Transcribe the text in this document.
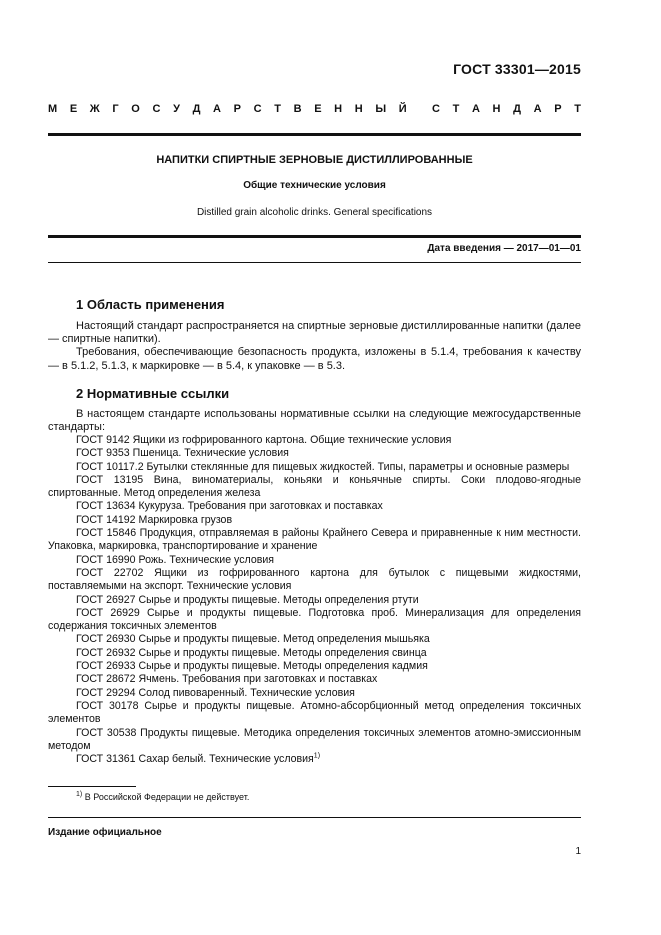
ГОСТ 33301—2015
М Е Ж Г О С У Д А Р С Т В Е Н Н Ы Й С Т А Н Д А Р Т
НАПИТКИ СПИРТНЫЕ ЗЕРНОВЫЕ ДИСТИЛЛИРОВАННЫЕ
Общие технические условия
Distilled grain alcoholic drinks. General specifications
Дата введения — 2017—01—01
1 Область применения

Настоящий стандарт распространяется на спиртные зерновые дистиллированные напитки (далее — спиртные напитки).

Требования, обеспечивающие безопасность продукта, изложены в 5.1.4, требования к качеству — в 5.1.2, 5.1.3, к маркировке — в 5.4, к упаковке — в 5.3.

2 Нормативные ссылки

В настоящем стандарте использованы нормативные ссылки на следующие межгосударственные стандарты:

ГОСТ 9142 Ящики из гофрированного картона. Общие технические условия

ГОСТ 9353 Пшеница. Технические условия

ГОСТ 10117.2 Бутылки стеклянные для пищевых жидкостей. Типы, параметры и основные размеры

ГОСТ 13195 Вина, виноматериалы, коньяки и коньячные спирты. Соки плодово-ягодные спиртованные. Метод определения железа

ГОСТ 13634 Кукуруза. Требования при заготовках и поставках

ГОСТ 14192 Маркировка грузов

ГОСТ 15846 Продукция, отправляемая в районы Крайнего Севера и приравненные к ним местности. Упаковка, маркировка, транспортирование и хранение

ГОСТ 16990 Рожь. Технические условия

ГОСТ 22702 Ящики из гофрированного картона для бутылок с пищевыми жидкостями, поставляемыми на экспорт. Технические условия

ГОСТ 26927 Сырье и продукты пищевые. Методы определения ртути

ГОСТ 26929 Сырье и продукты пищевые. Подготовка проб. Минерализация для определения содержания токсичных элементов

ГОСТ 26930 Сырье и продукты пищевые. Метод определения мышьяка

ГОСТ 26932 Сырье и продукты пищевые. Методы определения свинца

ГОСТ 26933 Сырье и продукты пищевые. Методы определения кадмия

ГОСТ 28672 Ячмень. Требования при заготовках и поставках

ГОСТ 29294 Солод пивоваренный. Технические условия

ГОСТ 30178 Сырье и продукты пищевые. Атомно-абсорбционный метод определения токсичных элементов

ГОСТ 30538 Продукты пищевые. Методика определения токсичных элементов атомно-эмиссионным методом

ГОСТ 31361 Сахар белый. Технические условия$^{1)}$

$^{1)}$ В Российской Федерации не действует.
Издание официальное
1
